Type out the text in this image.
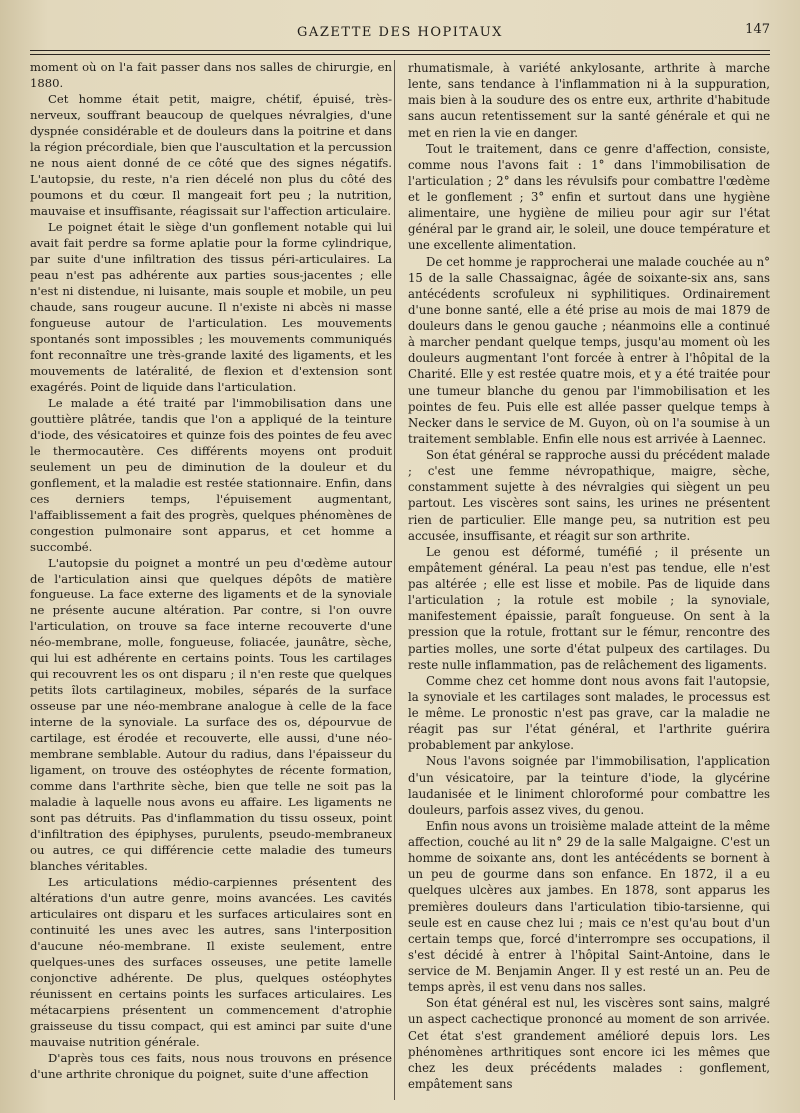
GAZETTE DES HOPITAUX	147

moment où on l'a fait passer dans nos salles de chirurgie, en 1880.

Cet homme était petit, maigre, chétif, épuisé, très-nerveux, souffrant beaucoup de quelques névralgies, d'une dyspnée considérable et de douleurs dans la poitrine et dans la région précordiale, bien que l'auscultation et la percussion ne nous aient donné de ce côté que des signes négatifs. L'autopsie, du reste, n'a rien décelé non plus du côté des poumons et du cœur. Il mangeait fort peu ; la nutrition, mauvaise et insuffisante, réagissait sur l'affection articulaire.

Le poignet était le siège d'un gonflement notable qui lui avait fait perdre sa forme aplatie pour la forme cylindrique, par suite d'une infiltration des tissus péri-articulaires. La peau n'est pas adhérente aux parties sous-jacentes ; elle n'est ni distendue, ni luisante, mais souple et mobile, un peu chaude, sans rougeur aucune. Il n'existe ni abcès ni masse fongueuse autour de l'articulation. Les mouvements spontanés sont impossibles ; les mouvements communiqués font reconnaître une très-grande laxité des ligaments, et les mouvements de latéralité, de flexion et d'extension sont exagérés. Point de liquide dans l'articulation.

Le malade a été traité par l'immobilisation dans une gouttière plâtrée, tandis que l'on a appliqué de la teinture d'iode, des vésicatoires et quinze fois des pointes de feu avec le thermocautère. Ces différents moyens ont produit seulement un peu de diminution de la douleur et du gonflement, et la maladie est restée stationnaire. Enfin, dans ces derniers temps, l'épuisement augmentant, l'affaiblissement a fait des progrès, quelques phénomènes de congestion pulmonaire sont apparus, et cet homme a succombé.

L'autopsie du poignet a montré un peu d'œdème autour de l'articulation ainsi que quelques dépôts de matière fongueuse. La face externe des ligaments et de la synoviale ne présente aucune altération. Par contre, si l'on ouvre l'articulation, on trouve sa face interne recouverte d'une néo-membrane, molle, fongueuse, foliacée, jaunâtre, sèche, qui lui est adhérente en certains points. Tous les cartilages qui recouvrent les os ont disparu ; il n'en reste que quelques petits îlots cartilagineux, mobiles, séparés de la surface osseuse par une néo-membrane analogue à celle de la face interne de la synoviale. La surface des os, dépourvue de cartilage, est érodée et recouverte, elle aussi, d'une néo-membrane semblable. Autour du radius, dans l'épaisseur du ligament, on trouve des ostéophytes de récente formation, comme dans l'arthrite sèche, bien que telle ne soit pas la maladie à laquelle nous avons eu affaire. Les ligaments ne sont pas détruits. Pas d'inflammation du tissu osseux, point d'infiltration des épiphyses, purulents, pseudo-membraneux ou autres, ce qui différencie cette maladie des tumeurs blanches véritables.

Les articulations médio-carpiennes présentent des altérations d'un autre genre, moins avancées. Les cavités articulaires ont disparu et les surfaces articulaires sont en continuité les unes avec les autres, sans l'interposition d'aucune néo-membrane. Il existe seulement, entre quelques-unes des surfaces osseuses, une petite lamelle conjonctive adhérente. De plus, quelques ostéophytes réunissent en certains points les surfaces articulaires. Les métacarpiens présentent un commencement d'atrophie graisseuse du tissu compact, qui est aminci par suite d'une mauvaise nutrition générale.

D'après tous ces faits, nous nous trouvons en présence d'une arthrite chronique du poignet, suite d'une affection

rhumatismale, à variété ankylosante, arthrite à marche lente, sans tendance à l'inflammation ni à la suppuration, mais bien à la soudure des os entre eux, arthrite d'habitude sans aucun retentissement sur la santé générale et qui ne met en rien la vie en danger.

Tout le traitement, dans ce genre d'affection, consiste, comme nous l'avons fait : 1° dans l'immobilisation de l'articulation ; 2° dans les révulsifs pour combattre l'œdème et le gonflement ; 3° enfin et surtout dans une hygiène alimentaire, une hygiène de milieu pour agir sur l'état général par le grand air, le soleil, une douce température et une excellente alimentation.

De cet homme je rapprocherai une malade couchée au n° 15 de la salle Chassaignac, âgée de soixante-six ans, sans antécédents scrofuleux ni syphilitiques. Ordinairement d'une bonne santé, elle a été prise au mois de mai 1879 de douleurs dans le genou gauche ; néanmoins elle a continué à marcher pendant quelque temps, jusqu'au moment où les douleurs augmentant l'ont forcée à entrer à l'hôpital de la Charité. Elle y est restée quatre mois, et y a été traitée pour une tumeur blanche du genou par l'immobilisation et les pointes de feu. Puis elle est allée passer quelque temps à Necker dans le service de M. Guyon, où on l'a soumise à un traitement semblable. Enfin elle nous est arrivée à Laennec.

Son état général se rapproche aussi du précédent malade ; c'est une femme névropathique, maigre, sèche, constamment sujette à des névralgies qui siègent un peu partout. Les viscères sont sains, les urines ne présentent rien de particulier. Elle mange peu, sa nutrition est peu accusée, insuffisante, et réagit sur son arthrite.

Le genou est déformé, tuméfié ; il présente un empâtement général. La peau n'est pas tendue, elle n'est pas altérée ; elle est lisse et mobile. Pas de liquide dans l'articulation ; la rotule est mobile ; la synoviale, manifestement épaissie, paraît fongueuse. On sent à la pression que la rotule, frottant sur le fémur, rencontre des parties molles, une sorte d'état pulpeux des cartilages. Du reste nulle inflammation, pas de relâchement des ligaments.

Comme chez cet homme dont nous avons fait l'autopsie, la synoviale et les cartilages sont malades, le processus est le même. Le pronostic n'est pas grave, car la maladie ne réagit pas sur l'état général, et l'arthrite guérira probablement par ankylose.

Nous l'avons soignée par l'immobilisation, l'application d'un vésicatoire, par la teinture d'iode, la glycérine laudanisée et le liniment chloroformé pour combattre les douleurs, parfois assez vives, du genou.

Enfin nous avons un troisième malade atteint de la même affection, couché au lit n° 29 de la salle Malgaigne. C'est un homme de soixante ans, dont les antécédents se bornent à un peu de gourme dans son enfance. En 1872, il a eu quelques ulcères aux jambes. En 1878, sont apparus les premières douleurs dans l'articulation tibio-tarsienne, qui seule est en cause chez lui ; mais ce n'est qu'au bout d'un certain temps que, forcé d'interrompre ses occupations, il s'est décidé à entrer à l'hôpital Saint-Antoine, dans le service de M. Benjamin Anger. Il y est resté un an. Peu de temps après, il est venu dans nos salles.

Son état général est nul, les viscères sont sains, malgré un aspect cachectique prononcé au moment de son arrivée. Cet état s'est grandement amélioré depuis lors. Les phénomènes arthritiques sont encore ici les mêmes que chez les deux précédents malades : gonflement, empâtement sans
